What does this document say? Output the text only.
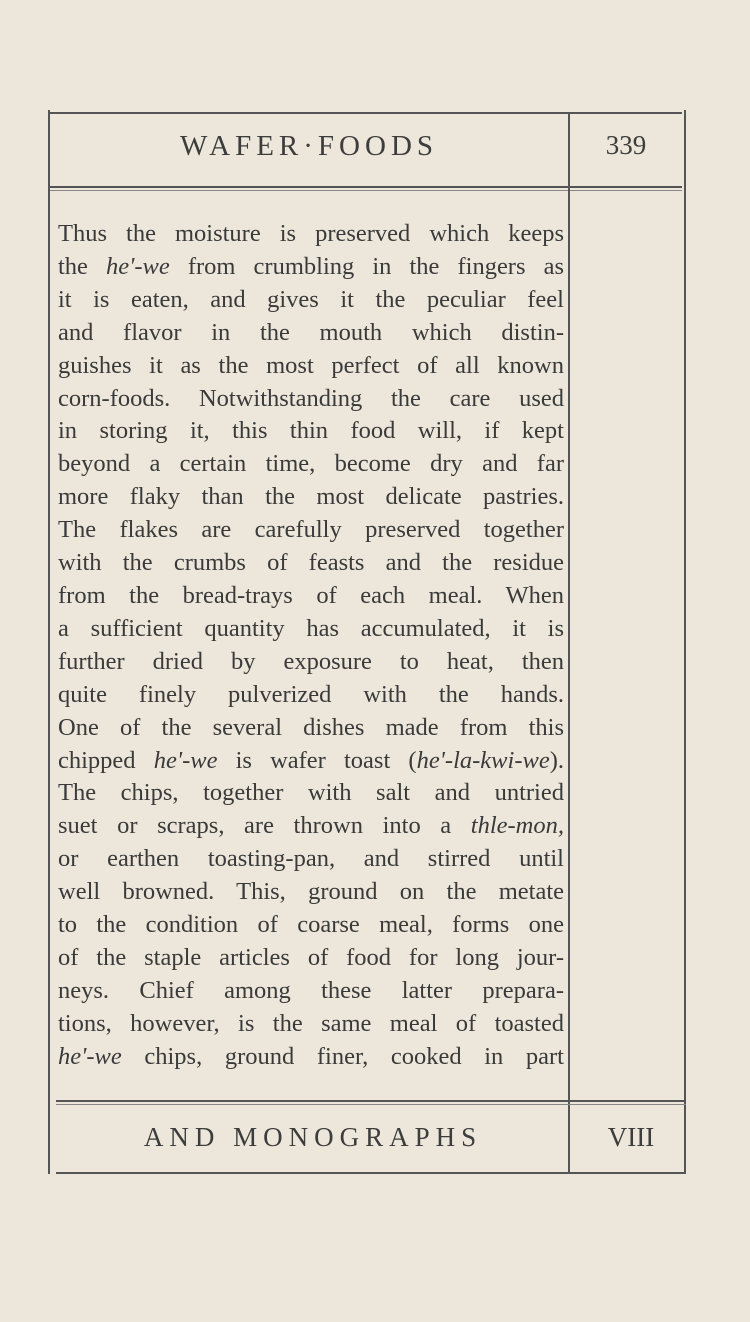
WAFER·FOODS	339
Thus the moisture is preserved which keeps
the he'-we from crumbling in the fingers as
it is eaten, and gives it the peculiar feel
and flavor in the mouth which distin-
guishes it as the most perfect of all known
corn-foods. Notwithstanding the care used
in storing it, this thin food will, if kept
beyond a certain time, become dry and far
more flaky than the most delicate pastries.
The flakes are carefully preserved together
with the crumbs of feasts and the residue
from the bread-trays of each meal. When
a sufficient quantity has accumulated, it is
further dried by exposure to heat, then
quite finely pulverized with the hands.
One of the several dishes made from this
chipped he'-we is wafer toast (he'-la-kwi-we).
The chips, together with salt and untried
suet or scraps, are thrown into a thle-mon,
or earthen toasting-pan, and stirred until
well browned. This, ground on the metate
to the condition of coarse meal, forms one
of the staple articles of food for long jour-
neys. Chief among these latter prepara-
tions, however, is the same meal of toasted
he'-we chips, ground finer, cooked in part
AND MONOGRAPHS	VIII
